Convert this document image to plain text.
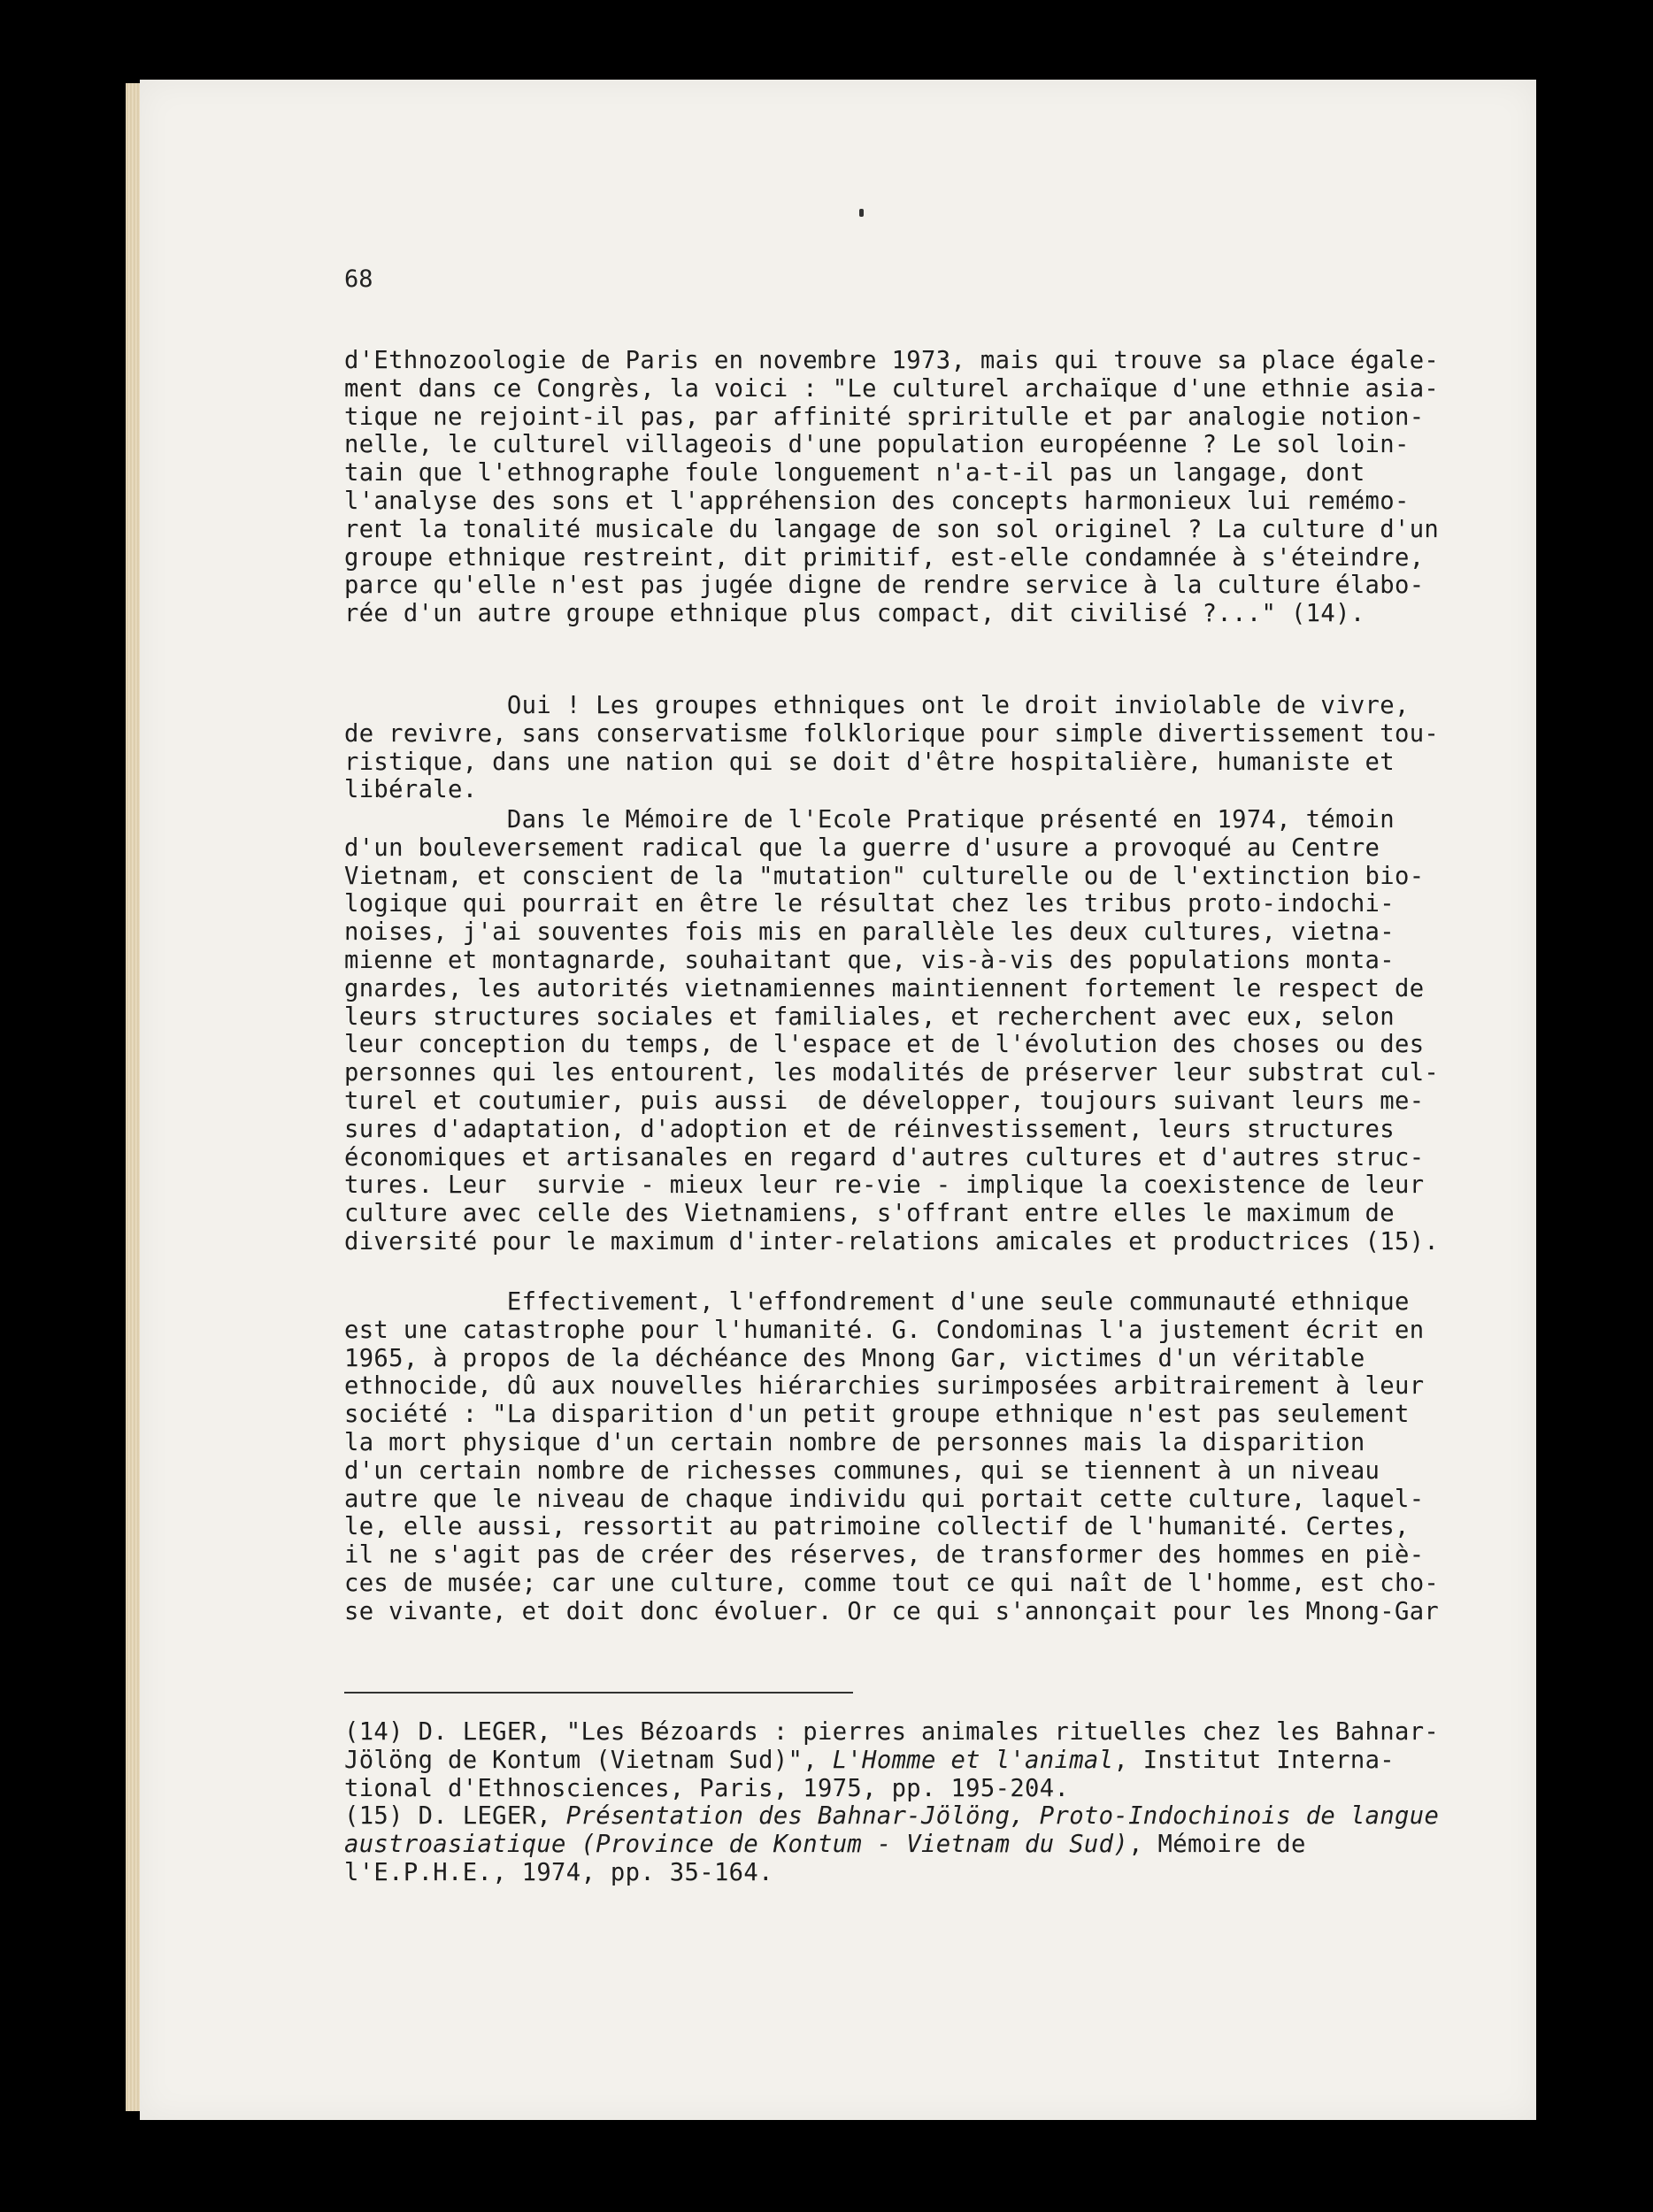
68
d'Ethnozoologie de Paris en novembre 1973, mais qui trouve sa place égale-
ment dans ce Congrès, la voici : "Le culturel archaïque d'une ethnie asia-
tique ne rejoint-il pas, par affinité spriritulle et par analogie notion-
nelle, le culturel villageois d'une population européenne ? Le sol loin-
tain que l'ethnographe foule longuement n'a-t-il pas un langage, dont
l'analyse des sons et l'appréhension des concepts harmonieux lui remémo-
rent la tonalité musicale du langage de son sol originel ? La culture d'un
groupe ethnique restreint, dit primitif, est-elle condamnée à s'éteindre,
parce qu'elle n'est pas jugée digne de rendre service à la culture élabo-
rée d'un autre groupe ethnique plus compact, dit civilisé ?..." (14).
Oui ! Les groupes ethniques ont le droit inviolable de vivre,
de revivre, sans conservatisme folklorique pour simple divertissement tou-
ristique, dans une nation qui se doit d'être hospitalière, humaniste et
libérale.
Dans le Mémoire de l'Ecole Pratique présenté en 1974, témoin
d'un bouleversement radical que la guerre d'usure a provoqué au Centre
Vietnam, et conscient de la "mutation" culturelle ou de l'extinction bio-
logique qui pourrait en être le résultat chez les tribus proto-indochi-
noises, j'ai souventes fois mis en parallèle les deux cultures, vietna-
mienne et montagnarde, souhaitant que, vis-à-vis des populations monta-
gnardes, les autorités vietnamiennes maintiennent fortement le respect de
leurs structures sociales et familiales, et recherchent avec eux, selon
leur conception du temps, de l'espace et de l'évolution des choses ou des
personnes qui les entourent, les modalités de préserver leur substrat cul-
turel et coutumier, puis aussi  de développer, toujours suivant leurs me-
sures d'adaptation, d'adoption et de réinvestissement, leurs structures
économiques et artisanales en regard d'autres cultures et d'autres struc-
tures. Leur  survie - mieux leur re-vie - implique la coexistence de leur
culture avec celle des Vietnamiens, s'offrant entre elles le maximum de
diversité pour le maximum d'inter-relations amicales et productrices (15).
Effectivement, l'effondrement d'une seule communauté ethnique
est une catastrophe pour l'humanité. G. Condominas l'a justement écrit en
1965, à propos de la déchéance des Mnong Gar, victimes d'un véritable
ethnocide, dû aux nouvelles hiérarchies surimposées arbitrairement à leur
société : "La disparition d'un petit groupe ethnique n'est pas seulement
la mort physique d'un certain nombre de personnes mais la disparition
d'un certain nombre de richesses communes, qui se tiennent à un niveau
autre que le niveau de chaque individu qui portait cette culture, laquel-
le, elle aussi, ressortit au patrimoine collectif de l'humanité. Certes,
il ne s'agit pas de créer des réserves, de transformer des hommes en piè-
ces de musée; car une culture, comme tout ce qui naît de l'homme, est cho-
se vivante, et doit donc évoluer. Or ce qui s'annonçait pour les Mnong-Gar
(14) D. LEGER, "Les Bézoards : pierres animales rituelles chez les Bahnar-
Jölöng de Kontum (Vietnam Sud)", L'Homme et l'animal, Institut Interna-
tional d'Ethnosciences, Paris, 1975, pp. 195-204.
(15) D. LEGER, Présentation des Bahnar-Jölöng, Proto-Indochinois de langue
austroasiatique (Province de Kontum - Vietnam du Sud), Mémoire de
l'E.P.H.E., 1974, pp. 35-164.
